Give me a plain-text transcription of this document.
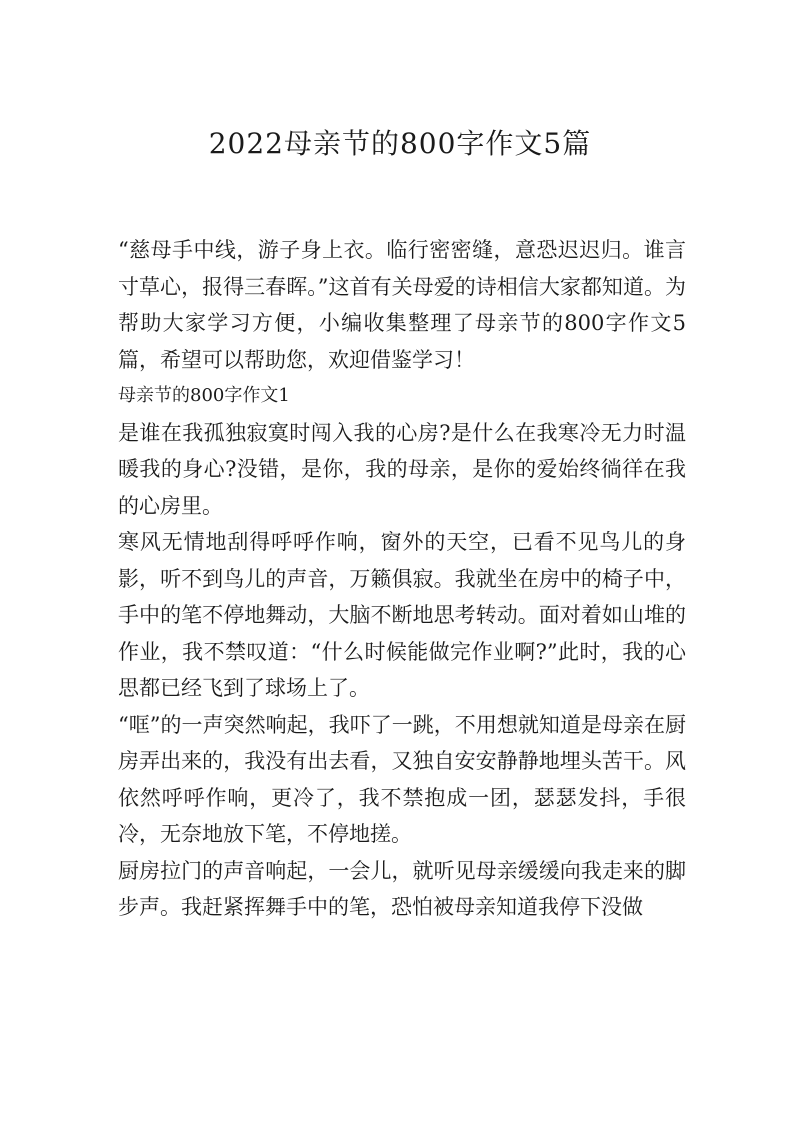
2022母亲节的800字作文5篇

“慈母手中线，游子身上衣。临行密密缝，意恐迟迟归。谁言寸草心，报得三春晖。”这首有关母爱的诗相信大家都知道。为帮助大家学习方便，小编收集整理了母亲节的800字作文5篇，希望可以帮助您，欢迎借鉴学习！

母亲节的800字作文1

是谁在我孤独寂寞时闯入我的心房?是什么在我寒冷无力时温暖我的身心?没错，是你，我的母亲，是你的爱始终徜徉在我的心房里。

寒风无情地刮得呼呼作响，窗外的天空，已看不见鸟儿的身影，听不到鸟儿的声音，万籁俱寂。我就坐在房中的椅子中，手中的笔不停地舞动，大脑不断地思考转动。面对着如山堆的作业，我不禁叹道：“什么时候能做完作业啊?”此时，我的心思都已经飞到了球场上了。

“哐”的一声突然响起，我吓了一跳，不用想就知道是母亲在厨房弄出来的，我没有出去看，又独自安安静静地埋头苦干。风依然呼呼作响，更冷了，我不禁抱成一团，瑟瑟发抖，手很冷，无奈地放下笔，不停地搓。

厨房拉门的声音响起，一会儿，就听见母亲缓缓向我走来的脚步声。我赶紧挥舞手中的笔，恐怕被母亲知道我停下没做
